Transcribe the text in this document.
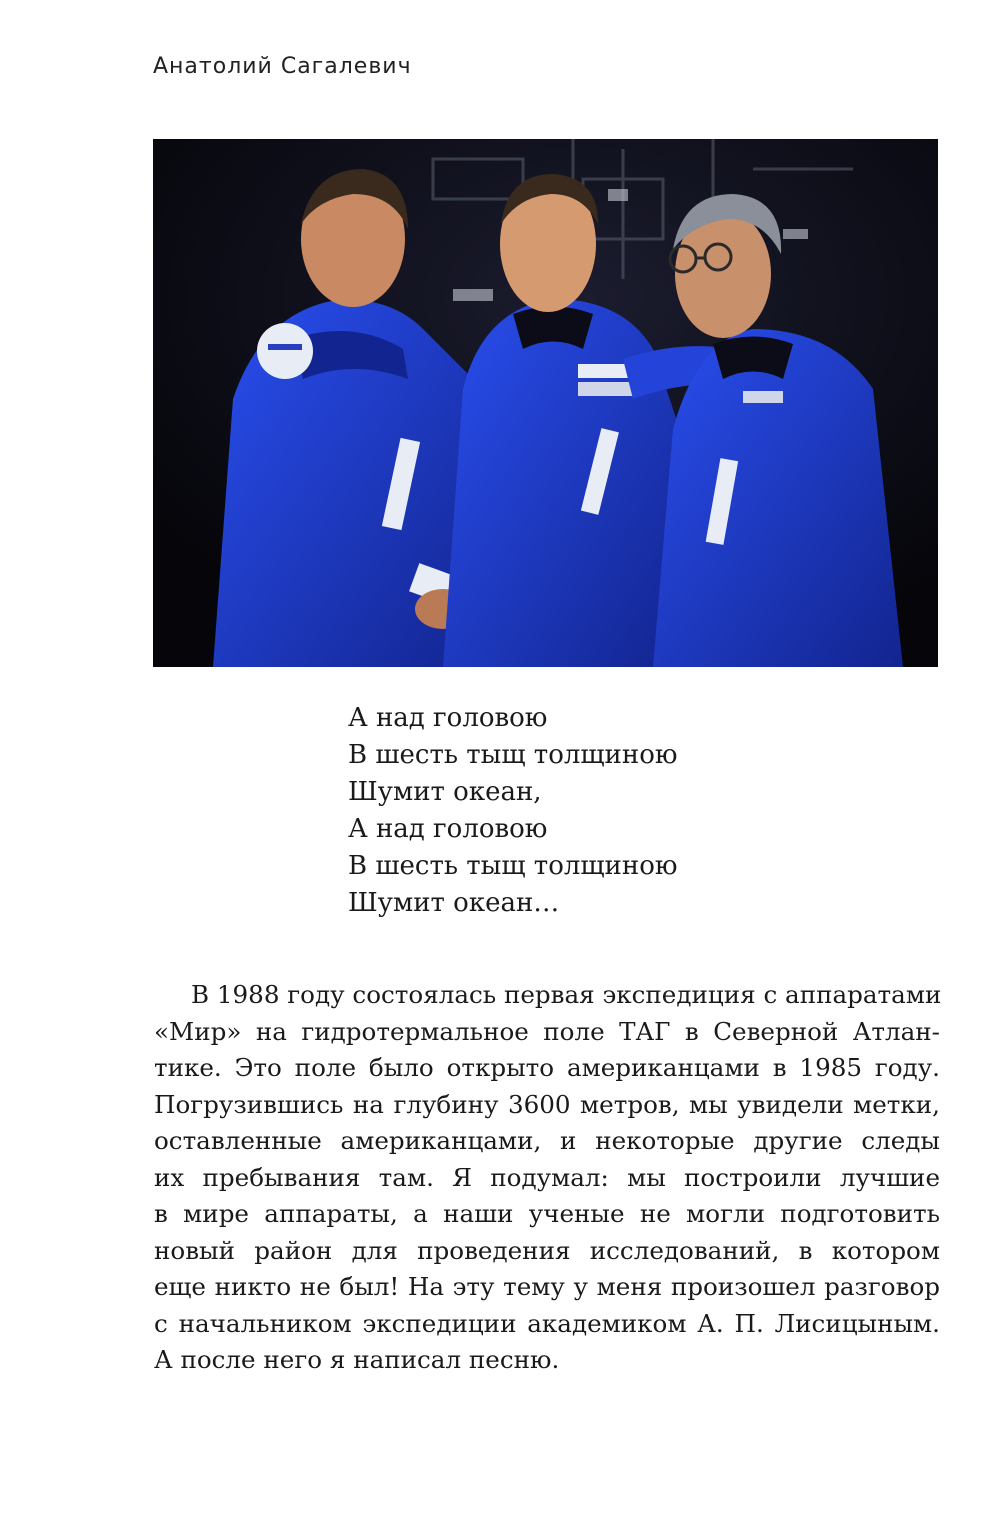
Анатолий Сагалевич
А над головою
В шесть тыщ толщиною
Шумит океан,
А над головою
В шесть тыщ толщиною
Шумит океан…
В 1988 году состоялась первая экспедиция с аппаратами
«Мир» на гидротермальное поле ТАГ в Северной Атлан-
тике. Это поле было открыто американцами в 1985 году.
Погрузившись на глубину 3600 метров, мы увидели метки,
оставленные американцами, и некоторые другие следы
их пребывания там. Я подумал: мы построили лучшие
в мире аппараты, а наши ученые не могли подготовить
новый район для проведения исследований, в котором
еще никто не был! На эту тему у меня произошел разговор
с начальником экспедиции академиком А. П. Лисицыным.
А после него я написал песню.
